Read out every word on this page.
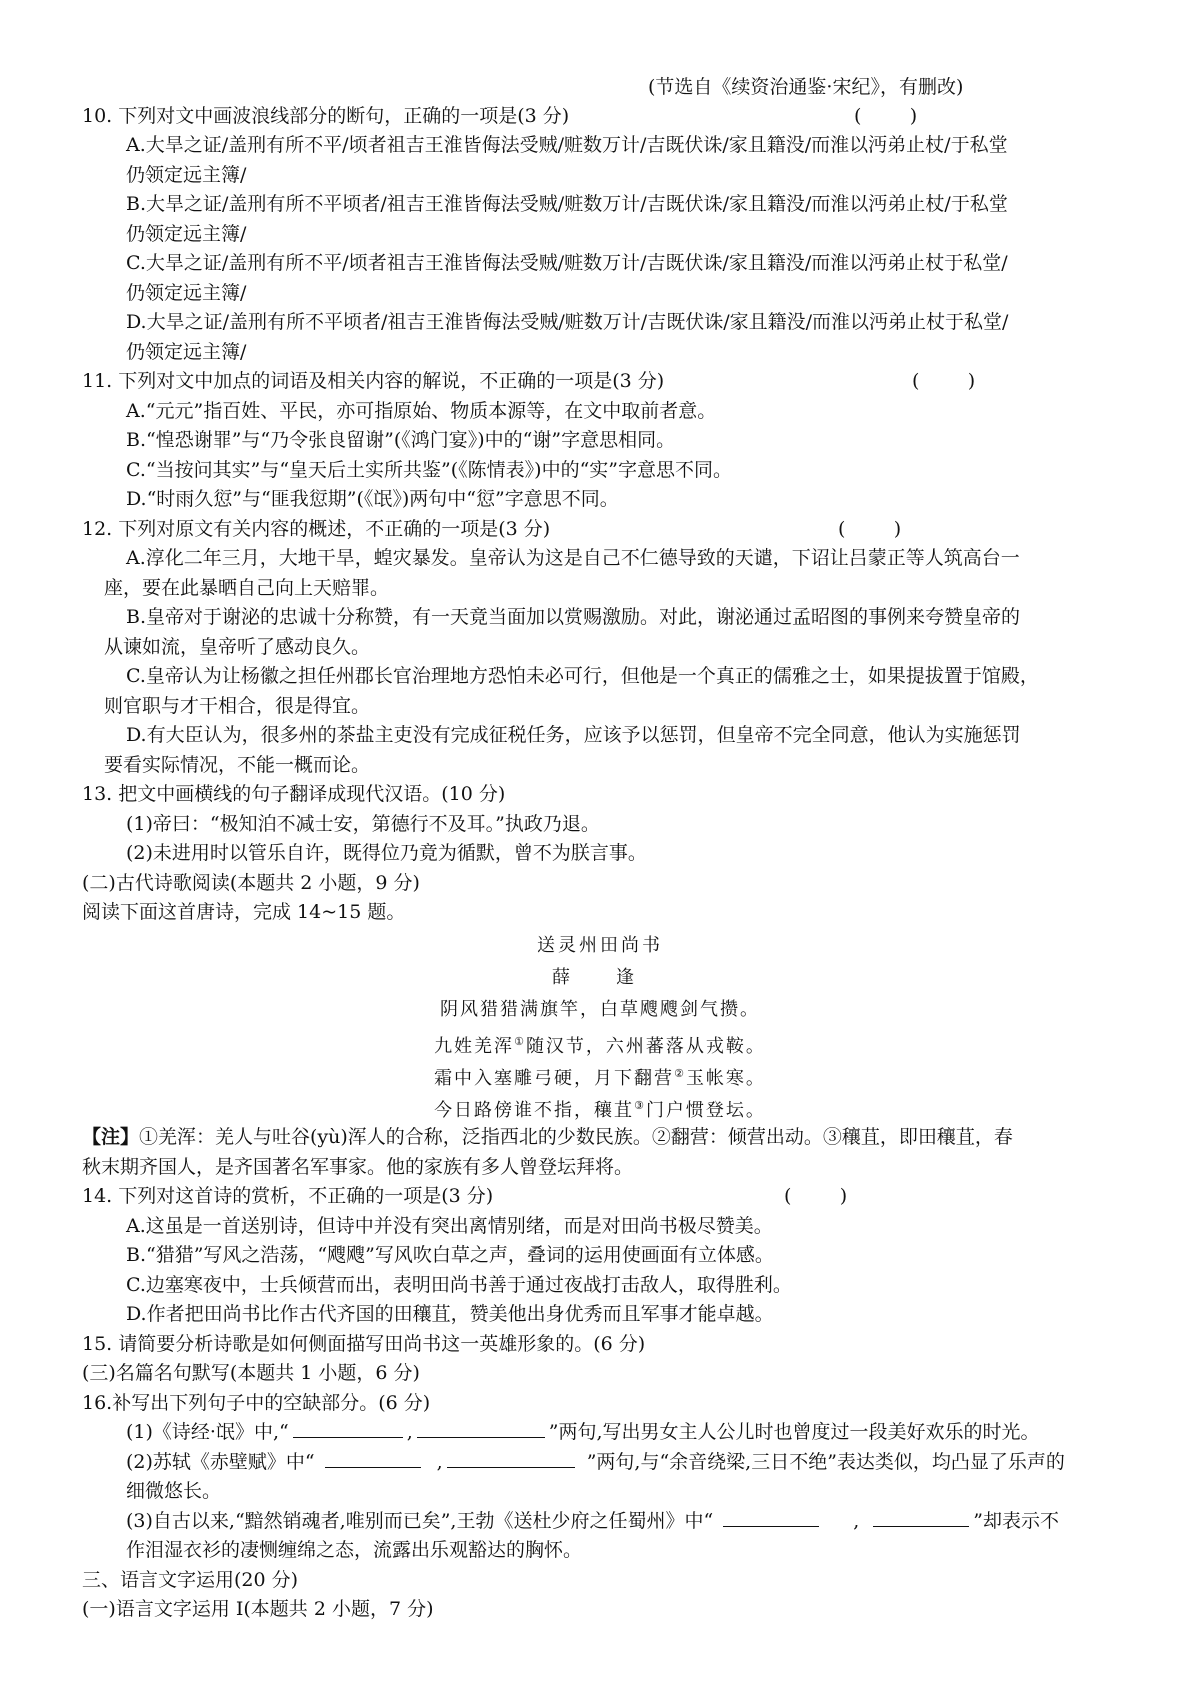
(节选自《续资治通鉴·宋纪》，有删改)
10. 下列对文中画波浪线部分的断句，正确的一项是(3 分)	(        )
A.大旱之证/盖刑有所不平/顷者祖吉王淮皆侮法受贼/赃数万计/吉既伏诛/家且籍没/而淮以沔弟止杖/于私堂
仍领定远主簿/
B.大旱之证/盖刑有所不平顷者/祖吉王淮皆侮法受贼/赃数万计/吉既伏诛/家且籍没/而淮以沔弟止杖/于私堂
仍领定远主簿/
C.大旱之证/盖刑有所不平/顷者祖吉王淮皆侮法受贼/赃数万计/吉既伏诛/家且籍没/而淮以沔弟止杖于私堂/
仍领定远主簿/
D.大旱之证/盖刑有所不平顷者/祖吉王淮皆侮法受贼/赃数万计/吉既伏诛/家且籍没/而淮以沔弟止杖于私堂/
仍领定远主簿/
11. 下列对文中加点的词语及相关内容的解说，不正确的一项是(3 分)	(        )
A.“元元”指百姓、平民，亦可指原始、物质本源等，在文中取前者意。
B.“惶恐谢罪”与“乃令张良留谢”(《鸿门宴》)中的“谢”字意思相同。
C.“当按问其实”与“皇天后土实所共鉴”(《陈情表》)中的“实”字意思不同。
D.“时雨久愆”与“匪我愆期”(《氓》)两句中“愆”字意思不同。
12. 下列对原文有关内容的概述，不正确的一项是(3 分)	(        )
A.淳化二年三月，大地干旱，蝗灾暴发。皇帝认为这是自己不仁德导致的天谴，下诏让吕蒙正等人筑高台一
座，要在此暴晒自己向上天赔罪。
B.皇帝对于谢泌的忠诚十分称赞，有一天竟当面加以赏赐激励。对此，谢泌通过孟昭图的事例来夸赞皇帝的
从谏如流，皇帝听了感动良久。
C.皇帝认为让杨徽之担任州郡长官治理地方恐怕未必可行，但他是一个真正的儒雅之士，如果提拔置于馆殿，
则官职与才干相合，很是得宜。
D.有大臣认为，很多州的茶盐主吏没有完成征税任务，应该予以惩罚，但皇帝不完全同意，他认为实施惩罚
要看实际情况，不能一概而论。
13. 把文中画横线的句子翻译成现代汉语。(10 分)
(1)帝曰：“极知泊不减士安，第德行不及耳。”执政乃退。
(2)未进用时以管乐自许，既得位乃竟为循默，曾不为朕言事。
(二)古代诗歌阅读(本题共 2 小题，9 分)
阅读下面这首唐诗，完成 14~15 题。
送灵州田尚书
薛　逢
阴风猎猎满旗竿，白草飕飕剑气攒。
九姓羌浑①随汉节，六州蕃落从戎鞍。
霜中入塞雕弓硬，月下翻营②玉帐寒。
今日路傍谁不指，穰苴③门户惯登坛。
【注】①羌浑：羌人与吐谷(yù)浑人的合称，泛指西北的少数民族。②翻营：倾营出动。③穰苴，即田穰苴，春
秋末期齐国人，是齐国著名军事家。他的家族有多人曾登坛拜将。
14. 下列对这首诗的赏析，不正确的一项是(3 分)	(        )
A.这虽是一首送别诗，但诗中并没有突出离情别绪，而是对田尚书极尽赞美。
B.“猎猎”写风之浩荡，“飕飕”写风吹白草之声，叠词的运用使画面有立体感。
C.边塞寒夜中，士兵倾营而出，表明田尚书善于通过夜战打击敌人，取得胜利。
D.作者把田尚书比作古代齐国的田穰苴，赞美他出身优秀而且军事才能卓越。
15. 请简要分析诗歌是如何侧面描写田尚书这一英雄形象的。(6 分)
(三)名篇名句默写(本题共 1 小题，6 分)
16.补写出下列句子中的空缺部分。(6 分)
(1)《诗经·氓》中,“	,	”两句,写出男女主人公儿时也曾度过一段美好欢乐的时光。
(2)苏轼《赤壁赋》中“	,	”两句,与“余音绕梁,三日不绝”表达类似，均凸显了乐声的
细微悠长。
(3)自古以来,“黯然销魂者,唯别而已矣”,王勃《送杜少府之任蜀州》中“	,	”却表示不
作泪湿衣衫的凄恻缠绵之态，流露出乐观豁达的胸怀。
三、语言文字运用(20 分)
(一)语言文字运用 I(本题共 2 小题，7 分)
